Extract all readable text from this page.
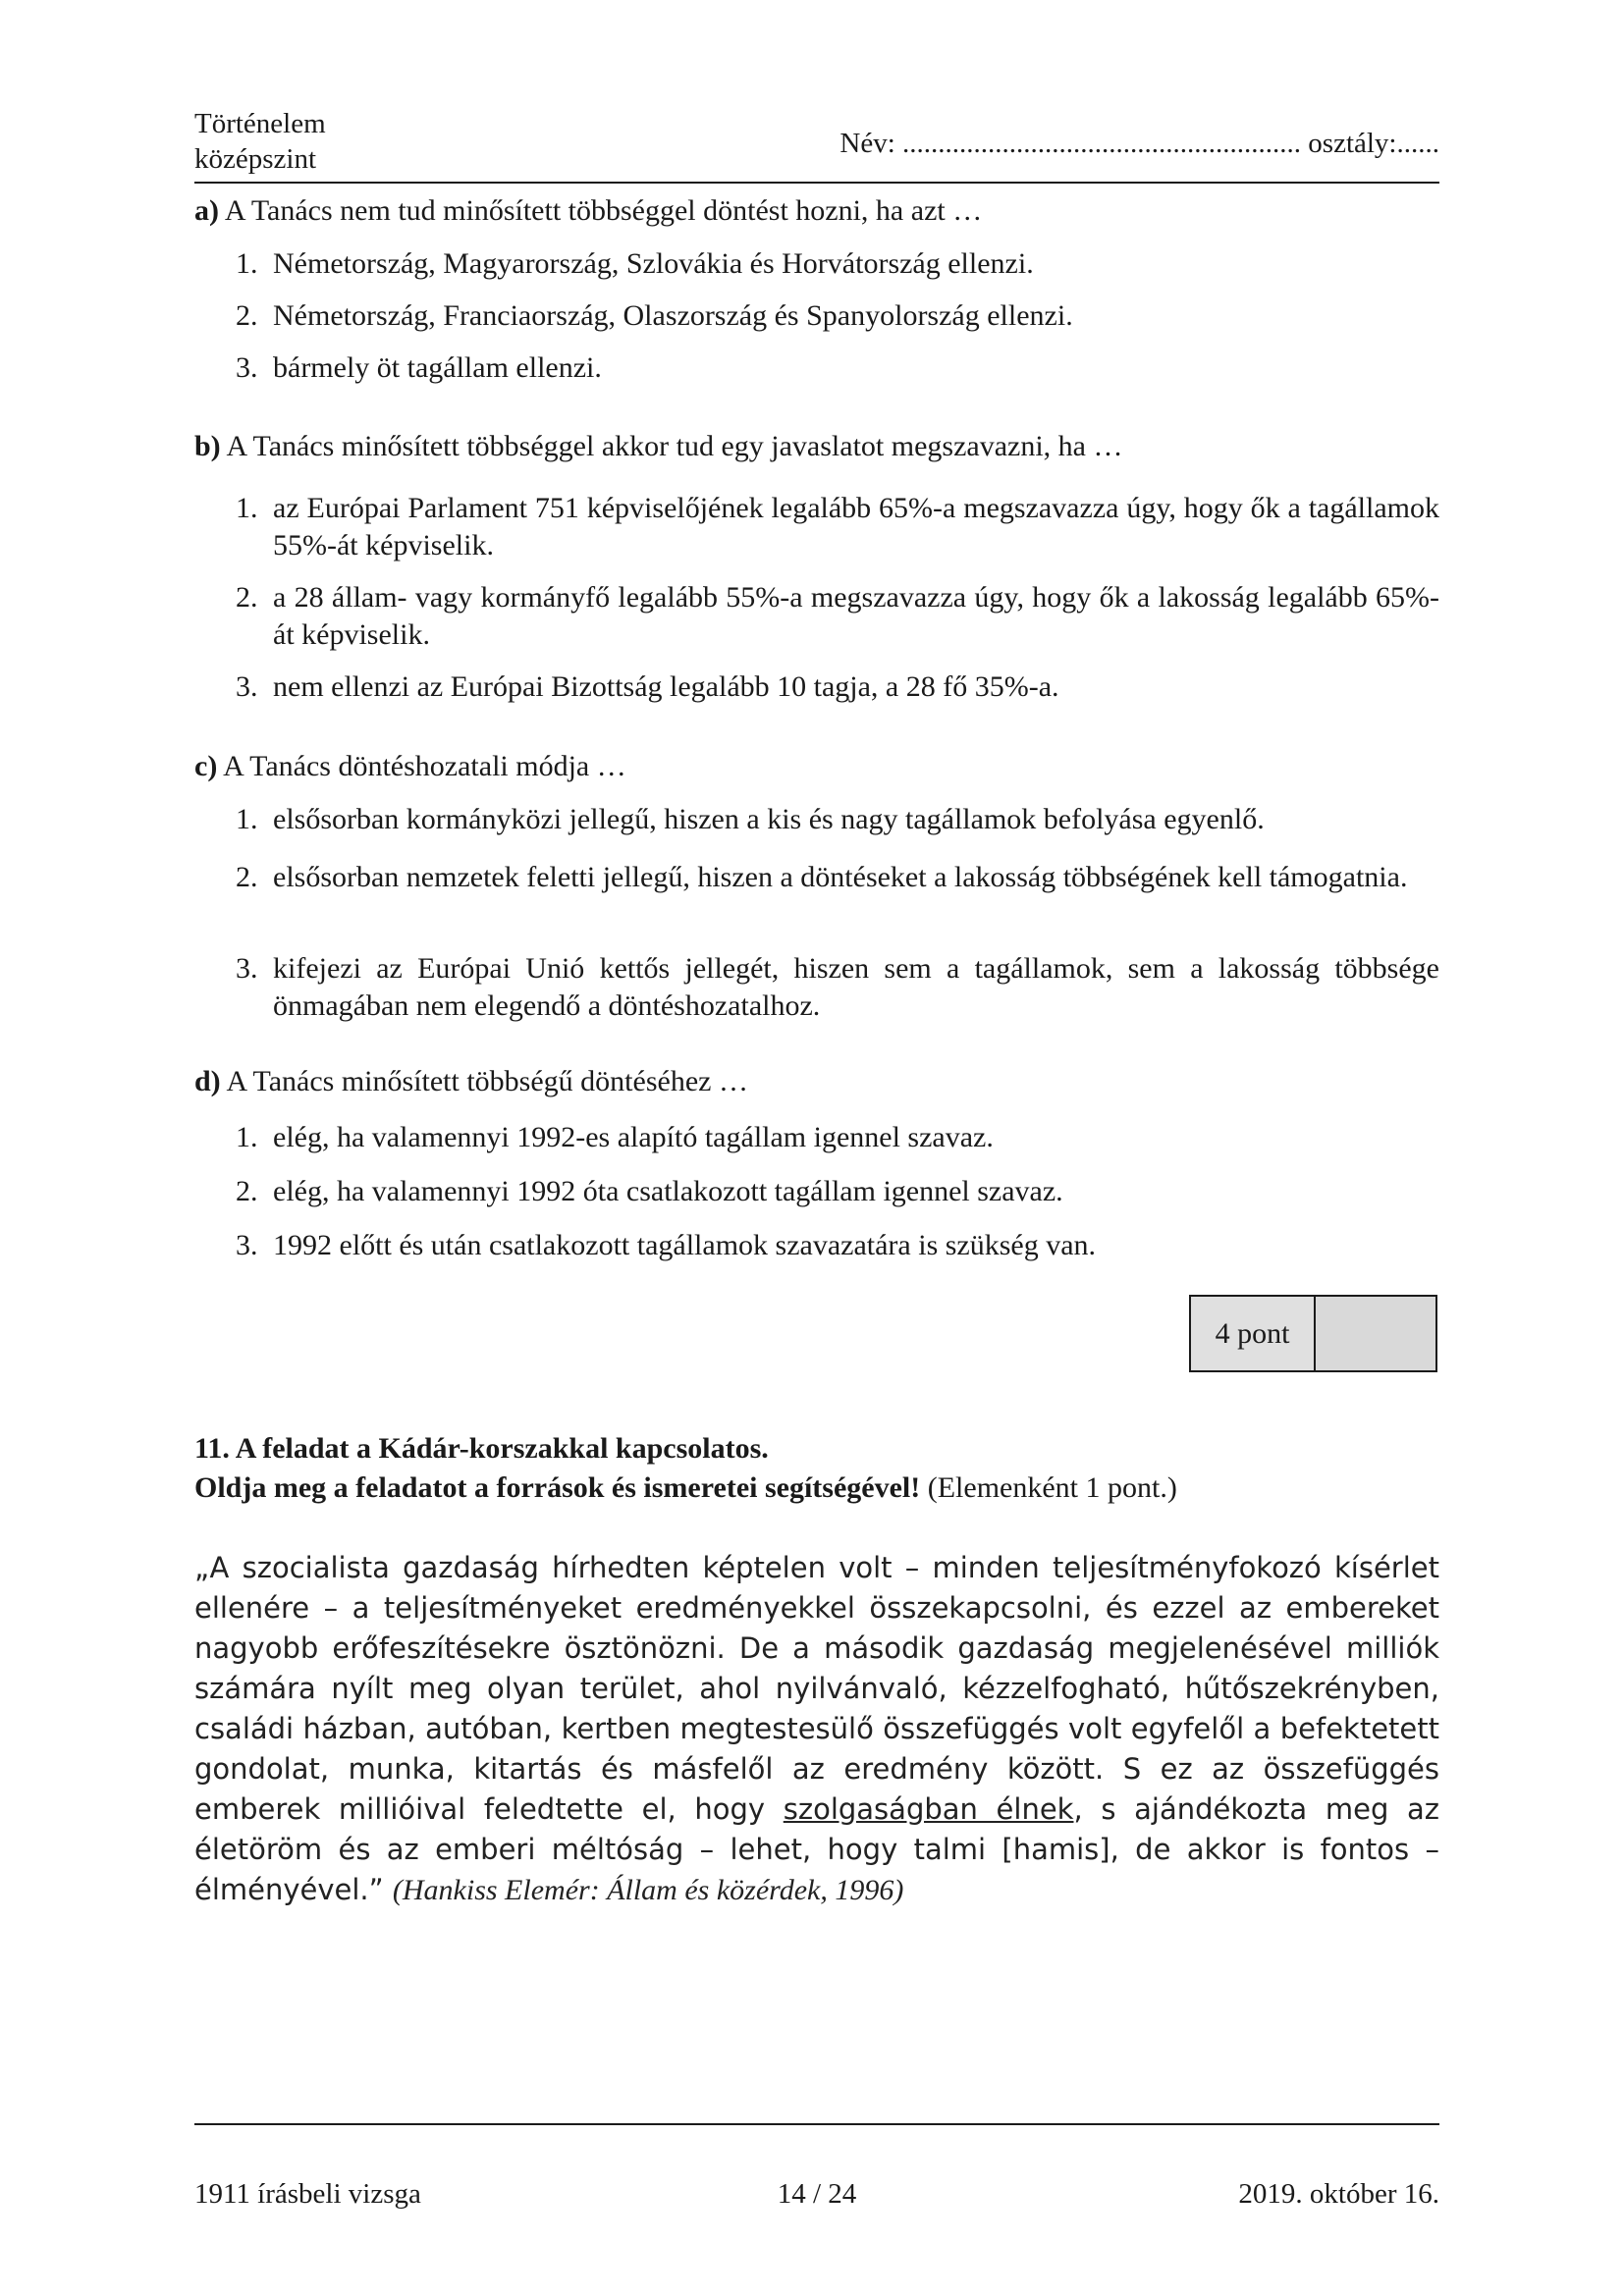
Történelem
középszint	Név: ........................................................ osztály:......
a) A Tanács nem tud minősített többséggel döntést hozni, ha azt …
1. Németország, Magyarország, Szlovákia és Horvátország ellenzi.
2. Németország, Franciaország, Olaszország és Spanyolország ellenzi.
3. bármely öt tagállam ellenzi.
b) A Tanács minősített többséggel akkor tud egy javaslatot megszavazni, ha …
1. az Európai Parlament 751 képviselőjének legalább 65%-a megszavazza úgy, hogy ők a tagállamok 55%-át képviselik.
2. a 28 állam- vagy kormányfő legalább 55%-a megszavazza úgy, hogy ők a lakosság legalább 65%-át képviselik.
3. nem ellenzi az Európai Bizottság legalább 10 tagja, a 28 fő 35%-a.
c) A Tanács döntéshozatali módja …
1. elsősorban kormányközi jellegű, hiszen a kis és nagy tagállamok befolyása egyenlő.
2. elsősorban nemzetek feletti jellegű, hiszen a döntéseket a lakosság többségének kell támogatnia.
3. kifejezi az Európai Unió kettős jellegét, hiszen sem a tagállamok, sem a lakosság többsége önmagában nem elegendő a döntéshozatalhoz.
d) A Tanács minősített többségű döntéséhez …
1. elég, ha valamennyi 1992-es alapító tagállam igennel szavaz.
2. elég, ha valamennyi 1992 óta csatlakozott tagállam igennel szavaz.
3. 1992 előtt és után csatlakozott tagállamok szavazatára is szükség van.
4 pont
11. A feladat a Kádár-korszakkal kapcsolatos.
Oldja meg a feladatot a források és ismeretei segítségével! (Elemenként 1 pont.)
„A szocialista gazdaság hírhedten képtelen volt – minden teljesítményfokozó kísérlet
ellenére – a teljesítményeket eredményekkel összekapcsolni, és ezzel az embereket
nagyobb erőfeszítésekre ösztönözni. De a második gazdaság megjelenésével milliók
számára nyílt meg olyan terület, ahol nyilvánvaló, kézzelfogható, hűtőszekrényben,
családi házban, autóban, kertben megtestesülő összefüggés volt egyfelől a befektetett
gondolat, munka, kitartás és másfelől az eredmény között. S ez az összefüggés
emberek millióival feledtette el, hogy szolgaságban élnek, s ajándékozta meg az
életöröm és az emberi méltóság – lehet, hogy talmi [hamis], de akkor is fontos –
élményével.” (Hankiss Elemér: Állam és közérdek, 1996)
1911 írásbeli vizsga	14 / 24	2019. október 16.
